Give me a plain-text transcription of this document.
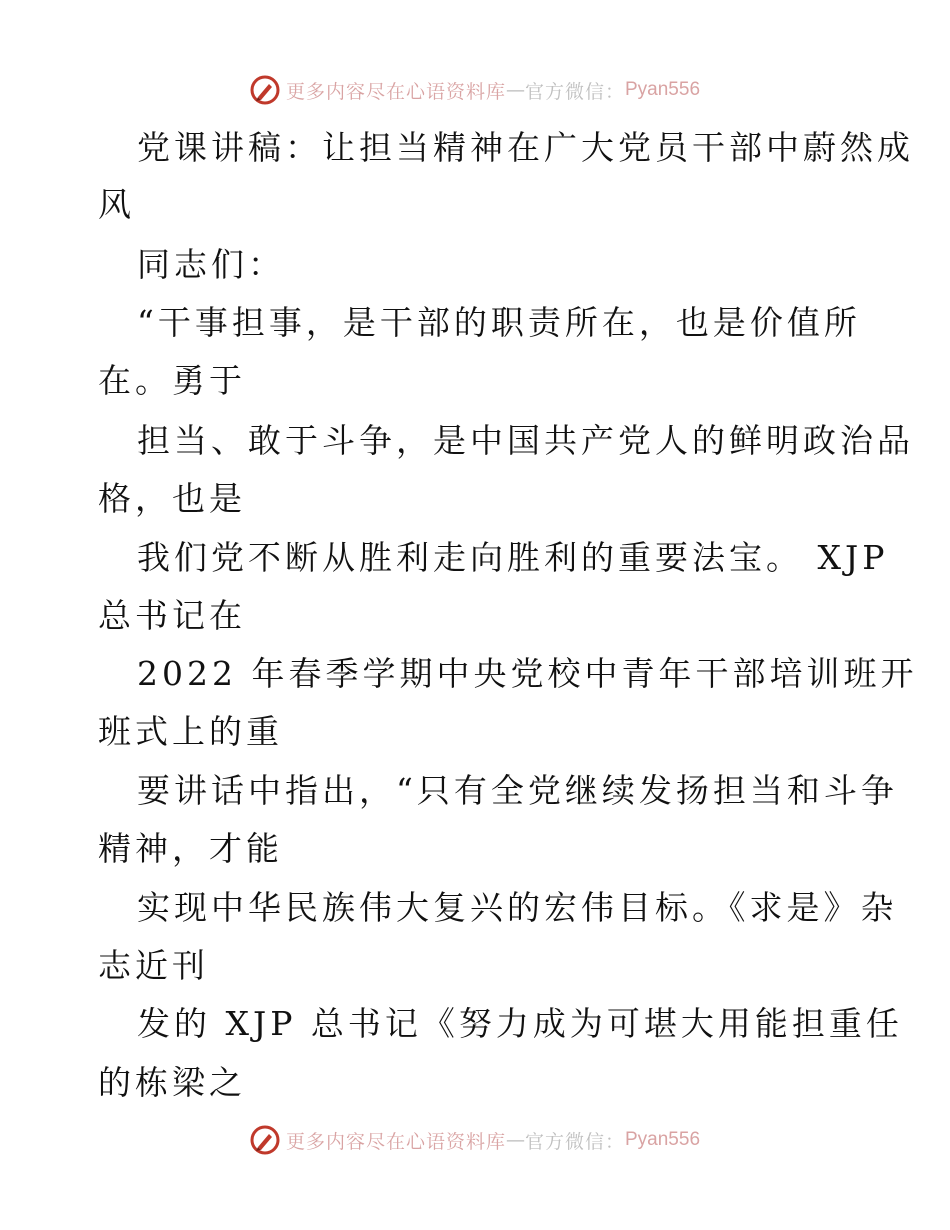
更多内容尽在心语资料库 — 官方微信： Pyan556
党课讲稿：让担当精神在广大党员干部中蔚然成
风
同志们：
“干事担事，是干部的职责所在，也是价值所
在。勇于
担当、敢于斗争，是中国共产党人的鲜明政治品
格，也是
我们党不断从胜利走向胜利的重要法宝。 XJP
总书记在
2022 年春季学期中央党校中青年干部培训班开
班式上的重
要讲话中指出，“只有全党继续发扬担当和斗争
精神，才能
实现中华民族伟大复兴的宏伟目标。《求是》杂
志近刊
发的 XJP 总书记《努力成为可堪大用能担重任
的栋梁之
更多内容尽在心语资料库 — 官方微信： Pyan556
